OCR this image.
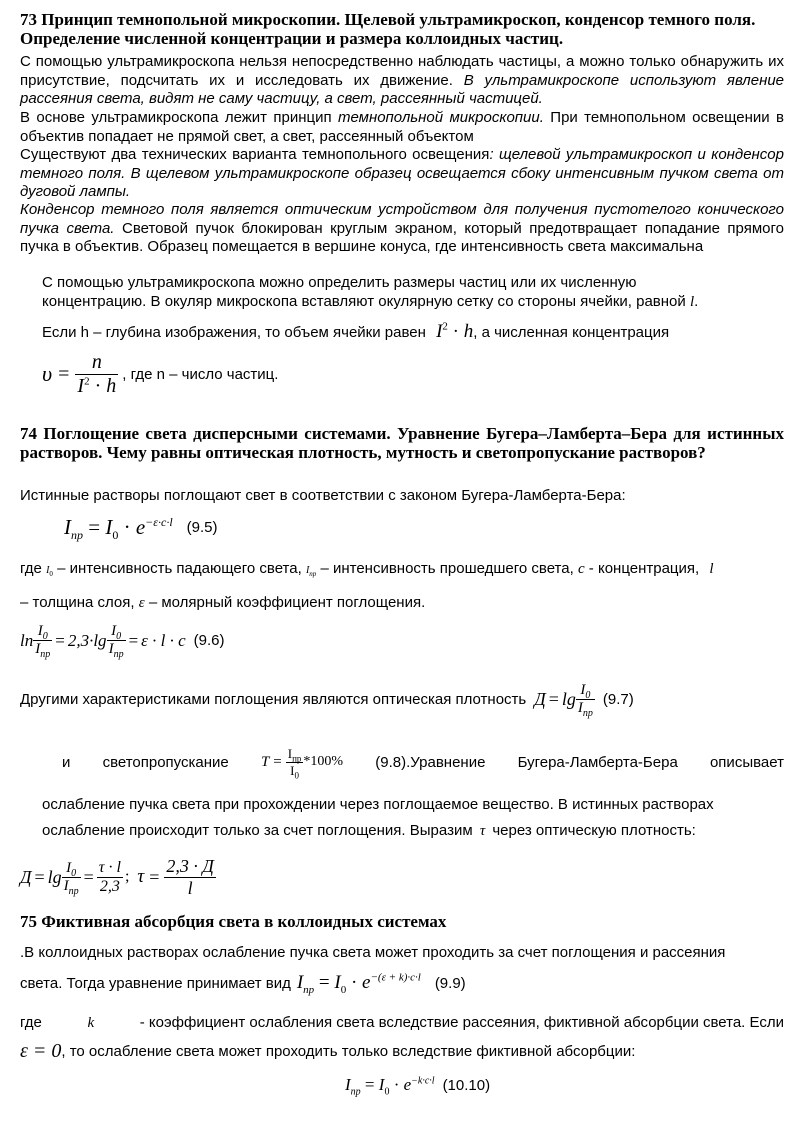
73 Принцип темнопольной микроскопии. Щелевой ультрамикроскоп, конденсор темного поля. Определение численной концентрации и размера коллоидных частиц.
С помощью ультрамикроскопа нельзя непосредственно наблюдать частицы, а можно только обнаружить их присутствие, подсчитать их и исследовать их движение. В ультрамикроскопе используют явление рассеяния света, видят не саму частицу, а свет, рассеянный частицей.
В основе ультрамикроскопа лежит принцип темнопольной микроскопии. При темнопольном освещении в объектив попадает не прямой свет, а свет, рассеянный объектом
Существуют два технических варианта темнопольного освещения: щелевой ультрамикроскоп и конденсор темного поля. В щелевом ультрамикроскопе образец освещается сбоку интенсивным пучком света от дуговой лампы.
Конденсор темного поля является оптическим устройством для получения пустотелого конического пучка света. Световой пучок блокирован круглым экраном, который предотвращает попадание прямого пучка в объектив. Образец помещается в вершине конуса, где интенсивность света максимальна
С помощью ультрамикроскопа можно определить размеры частиц или их численную
концентрацию. В окуляр микроскопа вставляют окулярную сетку со стороны ячейки, равной l.
Если h – глубина изображения, то объем ячейки равен $I^2 \cdot h$, а численная концентрация
$\upsilon = \frac{n}{I^2 \cdot h}$ , где n – число частиц.
74 Поглощение света дисперсными системами. Уравнение Бугера–Ламберта–Бера для истинных растворов. Чему равны оптическая плотность, мутность и светопропускание растворов?
Истинные растворы поглощают свет в соответствии с законом Бугера-Ламберта-Бера:
$I_{пр} = I_0 \cdot e^{-\varepsilon\cdot c\cdot l}$ (9.5)
где $I_0$ – интенсивность падающего света, $I_{пр}$ – интенсивность прошедшего света, c - концентрация, l
– толщина слоя, ε – молярный коэффициент поглощения.
$\ln \frac{I_0}{I_{пр}} = 2,3\cdot\lg \frac{I_0}{I_{пр}} = \varepsilon \cdot l \cdot c$ (9.6)
Другими характеристиками поглощения являются оптическая плотность $Д = \lg \frac{I_0}{I_{пр}} (9.7)$
и светопропускание $T = \frac{I_{пр}}{I_0} *100\%$ (9.8).Уравнение Бугера-Ламберта-Бера описывает
ослабление пучка света при прохождении через поглощаемое вещество. В истинных растворах
ослабление происходит только за счет поглощения. Выразим τ через оптическую плотность:
$Д = \lg \frac{I_0}{I_{пр}} = \frac{\tau \cdot l}{2,3}$ ; $\tau = \frac{2,3 \cdot Д}{l}$
75 Фиктивная абсорбция света в коллоидных системах
.В коллоидных растворах ослабление пучка света может проходить за счет поглощения и рассеяния
света. Тогда уравнение принимает вид $I_{пр} = I_0 \cdot e^{-(\varepsilon + k)\cdot c\cdot l}$ (9.9)
где	k	- коэффициент ослабления света вследствие рассеяния, фиктивной абсорбции света. Если
ε = 0 , то ослабление света может проходить только вследствие фиктивной абсорбции:
$I_{пр} = I_0 \cdot e^{-k\cdot c\cdot l}$ (10.10)
